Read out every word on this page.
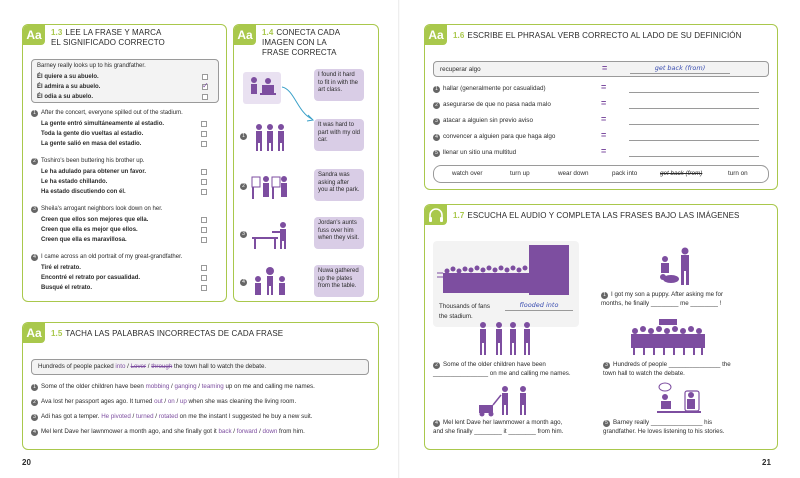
Aa	1.3 LEE LA FRASE Y MARCA
EL SIGNIFICADO CORRECTO
Barney really looks up to his grandfather.
Él quiere a su abuelo.
Él admira a su abuelo.
Él odia a su abuelo.
✓
1 After the concert, everyone spilled out of the stadium.
La gente entró simultáneamente al estadio.
Toda la gente dio vueltas al estadio.
La gente salió en masa del estadio.
2 Toshiro's been buttering his brother up.
Le ha adulado para obtener un favor.
Le ha estado chillando.
Ha estado discutiendo con él.
3 Sheila's arrogant neighbors look down on her.
Creen que ellos son mejores que ella.
Creen que ella es mejor que ellos.
Creen que ella es maravillosa.
4 I came across an old portrait of my great-grandfather.
Tiré el retrato.
Encontré el retrato por casualidad.
Busqué el retrato.
Aa	1.4 CONECTA CADA
IMAGEN CON LA
FRASE CORRECTA
I found it hard to fit in with the art class.
1
It was hard to part with my old car.
2
Sandra was asking after you at the park.
3
Jordan's aunts fuss over him when they visit.
4
Nuwa gathered up the plates from the table.
Aa	1.5 TACHA LAS PALABRAS INCORRECTAS DE CADA FRASE
Hundreds of people packed into / Lover / through the town hall to watch the debate.
1 Some of the older children have been mobbing / ganging / teaming up on me and calling me names.
2 Ava lost her passport ages ago. It turned out / on / up when she was cleaning the living room.
3 Adi has got a temper. He pivoted / turned / rotated on me the instant I suggested he buy a new suit.
4 Mel lent Dave her lawnmower a month ago, and she finally got it back / forward / down from him.
20
Aa	1.6 ESCRIBE EL PHRASAL VERB CORRECTO AL LADO DE SU DEFINICIÓN
recuperar algo	=	get back (from)
1 hallar (generalmente por casualidad)	=
2 asegurarse de que no pasa nada malo	=
3 atacar a alguien sin previo aviso	=
4 convencer a alguien para que haga algo	=
5 llenar un sitio una multitud	=
watch over	turn up	wear down	pack into	get back (from)	turn on
1.7 ESCUCHA EL AUDIO Y COMPLETA LAS FRASES BAJO LAS IMÁGENES
Thousands of fans	flooded into
the stadium.
1 I got my son a puppy. After asking me for
months, he finally ________ me ________ !
2 Some of the older children have been
________________ on me and calling me names.
3 Hundreds of people _______________ the
town hall to watch the debate.
4 Mel lent Dave her lawnmower a month ago,
and she finally ________ it ________ from him.
5 Barney really _______________ his
grandfather. He loves listening to his stories.
21
